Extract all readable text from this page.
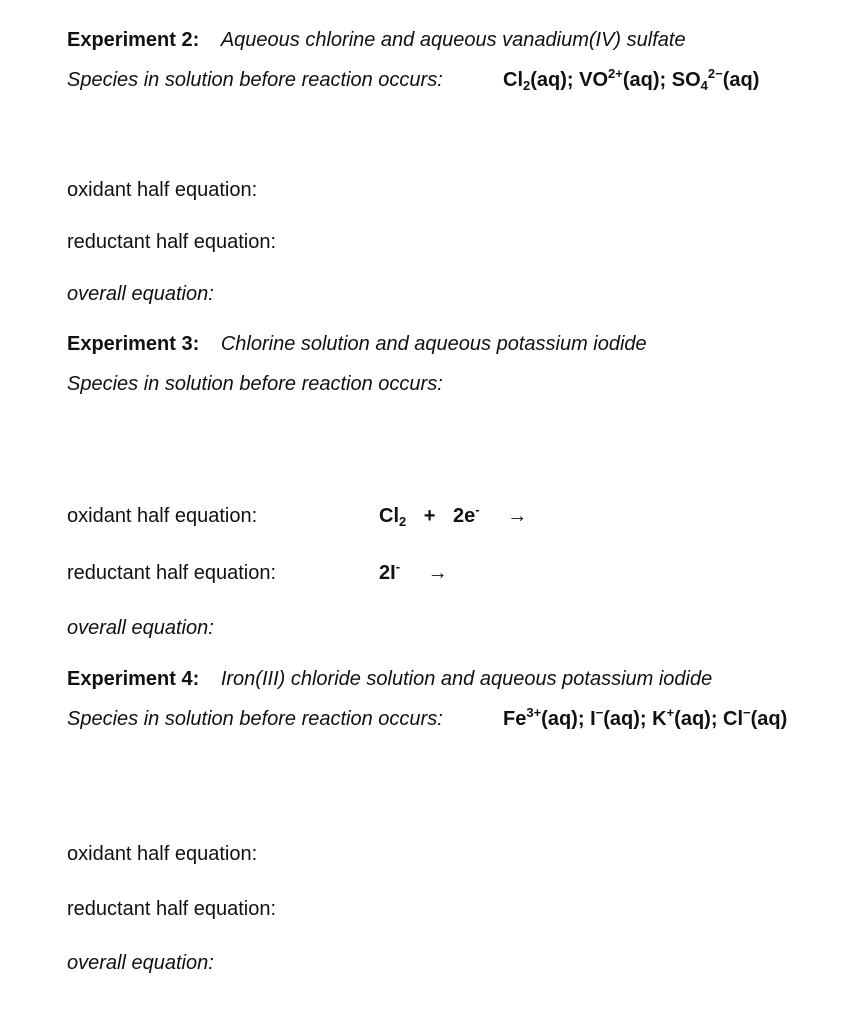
Experiment 2: Aqueous chlorine and aqueous vanadium(IV) sulfate
Species in solution before reaction occurs:	$Cl_2(aq)$; $VO^{2+}(aq)$; $SO_4^{2-}(aq)$
oxidant half equation:
reductant half equation:
overall equation:
Experiment 3: Chlorine solution and aqueous potassium iodide
Species in solution before reaction occurs:
oxidant half equation:	$Cl_2 + 2e^-$ →
reductant half equation:	2I- →
overall equation:
Experiment 4: Iron(III) chloride solution and aqueous potassium iodide
Species in solution before reaction occurs:	$Fe^{3+}(aq)$; I−(aq); K+(aq); Cl−(aq)
oxidant half equation:
reductant half equation:
overall equation:
